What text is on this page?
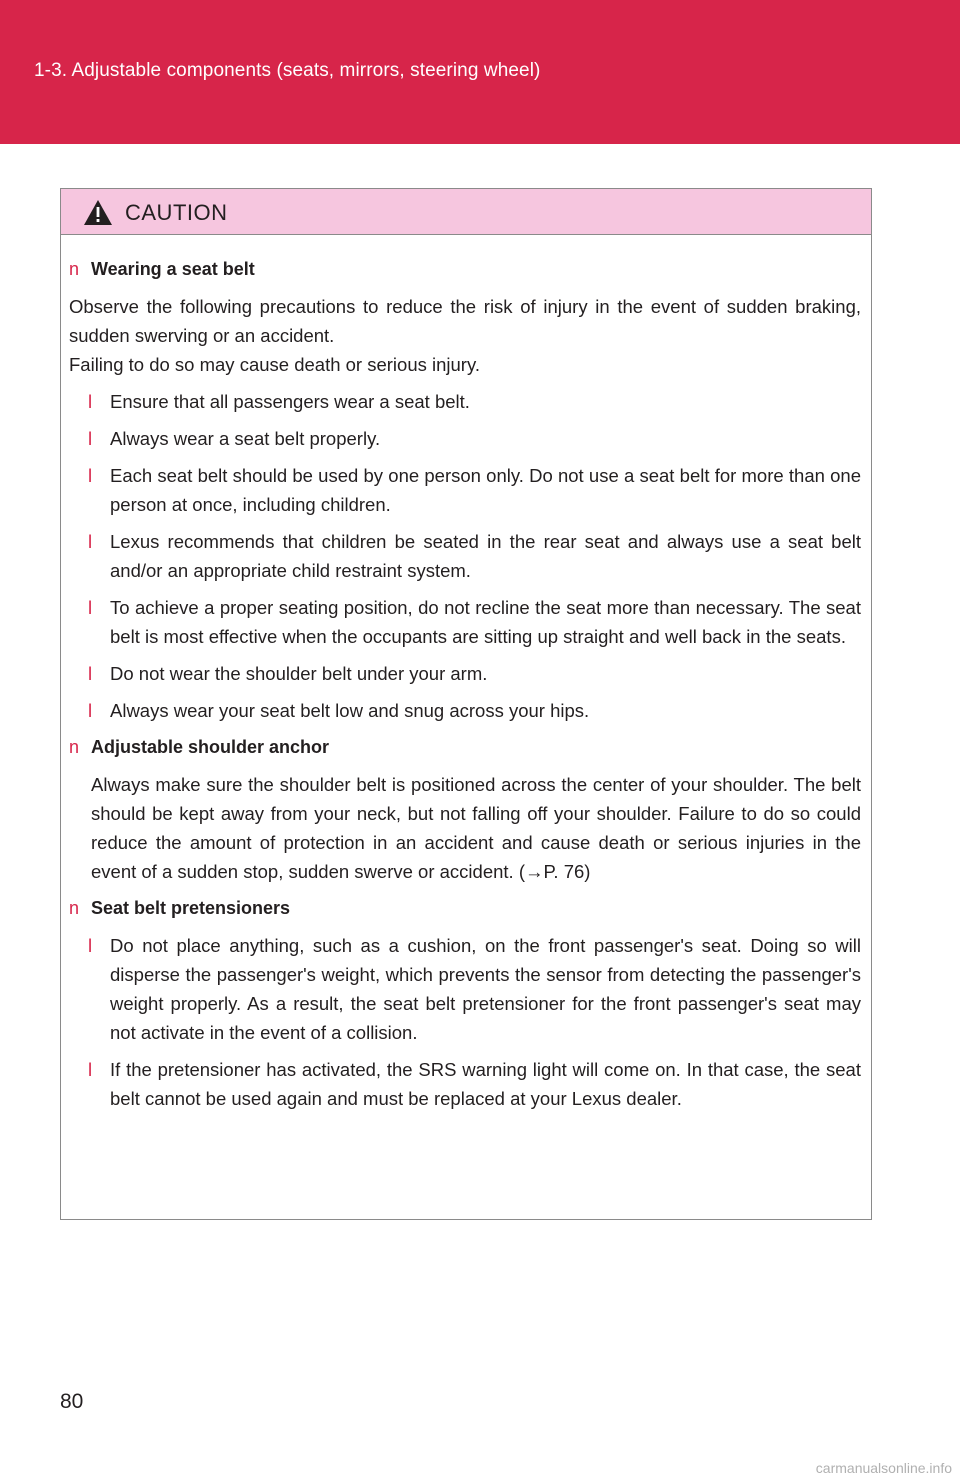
1-3. Adjustable components (seats, mirrors, steering wheel)
CAUTION
n Wearing a seat belt
Observe the following precautions to reduce the risk of injury in the event of sudden braking, sudden swerving or an accident.
Failing to do so may cause death or serious injury.
l Ensure that all passengers wear a seat belt.
l Always wear a seat belt properly.
l Each seat belt should be used by one person only. Do not use a seat belt for more than one person at once, including children.
l Lexus recommends that children be seated in the rear seat and always use a seat belt and/or an appropriate child restraint system.
l To achieve a proper seating position, do not recline the seat more than necessary. The seat belt is most effective when the occupants are sitting up straight and well back in the seats.
l Do not wear the shoulder belt under your arm.
l Always wear your seat belt low and snug across your hips.
n Adjustable shoulder anchor
Always make sure the shoulder belt is positioned across the center of your shoulder. The belt should be kept away from your neck, but not falling off your shoulder. Failure to do so could reduce the amount of protection in an accident and cause death or serious injuries in the event of a sudden stop, sudden swerve or accident. (→P. 76)
n Seat belt pretensioners
l Do not place anything, such as a cushion, on the front passenger's seat. Doing so will disperse the passenger's weight, which prevents the sensor from detecting the passenger's weight properly. As a result, the seat belt pretensioner for the front passenger's seat may not activate in the event of a collision.
l If the pretensioner has activated, the SRS warning light will come on. In that case, the seat belt cannot be used again and must be replaced at your Lexus dealer.
80
carmanualsonline.info
